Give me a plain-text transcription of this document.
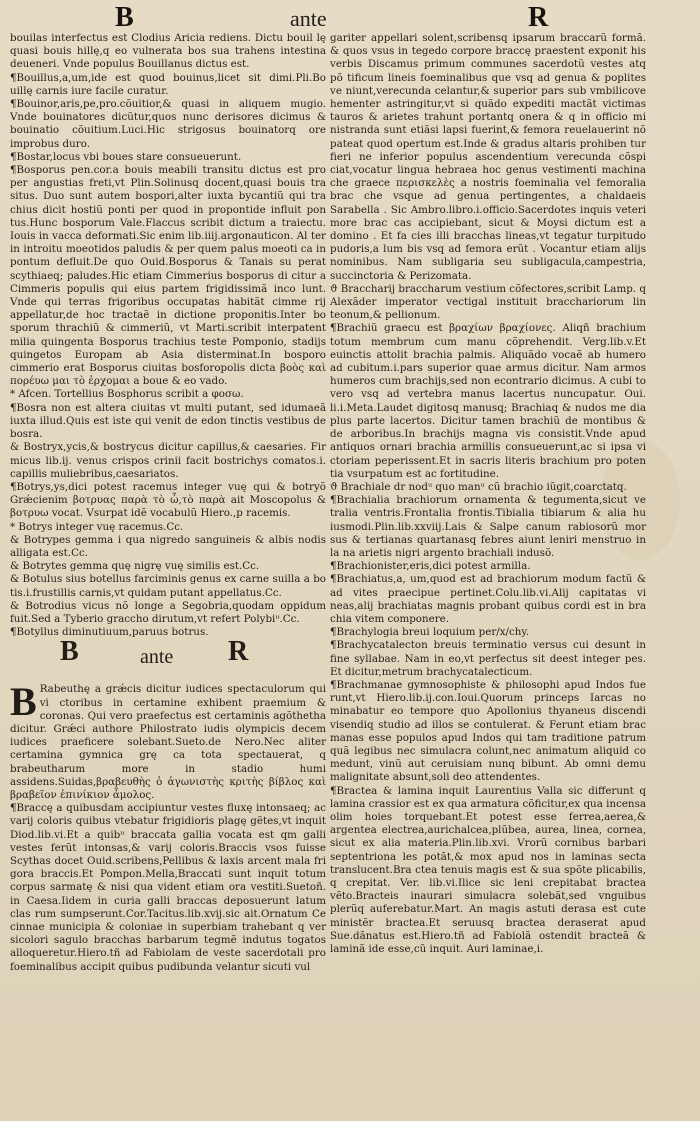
B	ante	R

bouilas interfectus est Clodius Aricia rediens. Dictu bouil lę quasi bouis hillę,q eo vulnerata bos sua trahens intestina deueneri. Vnde populus Bouillanus dictus est.

¶Bouillus,a,um,ide est quod bouinus,licet sit dimi.Pli.Bo uillę carnis iure facile curatur.

¶Bouinor,aris,pe,pro.cõuitior,& quasi in aliquem mugio. Vnde bouinatores dicũtur,quos nunc derisores dicimus & bouinatio cõuitium.Luci.Hic strigosus bouinatorq ore improbus duro.

¶Bostar,locus vbi boues stare consueuerunt.

¶Bosporus pen.cor.a bouis meabili transitu dictus est pro per angustias freti,vt Plin.Solinusq docent,quasi bouis tra situs. Duo sunt autem bospori,alter iuxta bycantiũ qui tra chius dicit hostiũ ponti per quod in propontide influit pon tus.Hunc bosporum Vale.Flaccus scribit dictum a traiectu. Iouis in vacca deformati.Sic enim lib.iiij.argonauticon. Al ter in introitu moeotidos paludis & per quem palus moeoti ca in pontum defluit.De quo Ouid.Bosporus & Tanais su perat scythiaeq; paludes.Hic etiam Cimmerius bosporus di citur a Cimmeris populis qui eius partem frigidissimã inco lunt. Vnde qui terras frigoribus occupatas habitãt cimme rij appellatur,de hoc tractaẽ in dictione proponitis.Inter bo sporum thrachiũ & cimmeriũ, vt Marti.scribit interpatent milia quingenta Bosporus trachius teste Pomponio, stadijs quingetos Europam ab Asia disterminat.In bosporo cimmerio erat Bosporus ciuitas bosforopolis dicta βοὸς καὶ πορέυω μαι τὸ ἐρχομαι a boue & eo vado.

* Afcen. Tortellius Bosphorus scribit a φοσω.

¶Bosra non est altera ciuitas vt multi putant, sed idumaeã iuxta illud.Quis est iste qui venit de edon tinctis vestibus de bosra.

& Bostryx,ycis,& bostrycus dicitur capillus,& caesaries. Fir micus lib.ij. venus crispos crinii facit bostrichys comatos.i. capillis muliebribus,caesariatos.

¶Botrys,ys,dici potest racemus integer vuę qui & botryõ Grǽcienim βοτρυας παρὰ τὸ ὦ,τὸ παρὰ ait Moscopolus & βοτρυω vocat. Vsurpat idẽ vocabulũ Hiero.,p racemis.

* Botrys integer vuę racemus.Cc.

& Botrypes gemma i qua nigredo sanguineis & albis nodis alligata est.Cc.

& Botrytes gemma quę nigrę vuę similis est.Cc.

& Botulus sius botellus farciminis genus ex carne suilla a bo tis.i.frustillis carnis,vt quidam putant appellatus.Cc.

& Botrodius vicus nõ longe a Segobria,quodam oppidum fuit.Sed a Tyberio graccho dirutum,vt refert Polybiᵘ.Cc.

¶Botyllus diminutiuum,paruus botrus.

B	ante R

B Rabeuthę a grǽcis dicitur iudices spectaculorum qui vi ctoribus in certamine exhibent praemium & coronas. Qui vero praefectus est certaminis agõthetha dicitur. Grǽci authore Philostrato iudis olympicis decem iudices praeficere solebant.Sueto.de Nero.Nec aliter certamina gymnica grę ca tota spectauerat, q brabeutharum more in stadio humi assidens.Suidas,βραβευθὴς ὁ ἀγωνιστὴς κριτὴς βίβλος καὶ βραβεῖον ἐπινίκιον ἆμολος.

¶Braccę a quibusdam accipiuntur vestes fluxę intonsaeq; ac varij coloris quibus vtebatur frigidioris plagę gẽtes,vt inquit Diod.lib.vi.Et a quibᵘ braccata gallia vocata est qm galli vestes ferũt intonsas,& varij coloris.Braccis vsos fuisse Scythas docet Ouid.scribens,Pellibus & laxis arcent mala fri gora braccis.Et Pompon.Mella,Braccati sunt inquit totum corpus sarmatę & nisi qua vident etiam ora vestiti.Suetoñ. in Caesa.Iidem in curia galli braccas deposuerunt latum clas rum sumpserunt.Cor.Tacitus.lib.xvij.sic ait.Ornatum Ce cinnae municipia & coloniae in superbiam trahebant q ver sicolori sagulo bracchas barbarum tegmẽ indutus togatos alloqueretur.Hiero.tñ ad Fabiolam de veste sacerdotali pro foeminalibus accipit quibus pudibunda velantur sicuti vul

gariter appellari solent,scribensq ipsarum braccarũ formã. & quos vsus in tegedo corpore braccę praestent exponit his verbis Discamus primum communes sacerdotũ vestes atq põ tificum lineis foeminalibus que vsq ad genua & poplites ve niunt,verecunda celantur,& superior pars sub vmbilicove hementer astringitur,vt si quãdo expediti mactãt victimas tauros & arietes trahunt portantq onera & q in officio mi nistranda sunt etiãsi lapsi fuerint,& femora reuelauerint nõ pateat quod opertum est.Inde & gradus altaris prohiben tur fieri ne inferior populus ascendentium verecunda cõspi ciat,vocatur lingua hebraea hoc genus vestimenti machina che graece περισκελὲς a nostris foeminalia vel femoralia brac che vsque ad genua pertingentes, a chaldaeis Sarabella . Sic Ambro.libro.i.officio.Sacerdotes inquis veteri more brac cas accipiebant, sicut & Moysi dictum est a domino . Et fa cies illi bracchas lineas,vt tegatur turpitudo pudoris,a lum bis vsq ad femora erũt . Vocantur etiam alijs nominibus. Nam subligaria seu subligacula,campestria, succinctoria & Perizomata.

ϑ Braccharij braccharum vestium cõfectores,scribit Lamp. q Alexãder imperator vectigal instituit bracchariorum lin teonum,& pellionum.

¶Brachiũ graecu est βραχίων βραχίονες. Aliqñ brachium totum membrum cum manu cõprehendit. Verg.lib.v.Et euinctis attolit brachia palmis. Aliquãdo vocaẽ ab humero ad cubitum.i.pars superior quae armus dicitur. Nam armos humeros cum brachijs,sed non econtrario dicimus. A cubi to vero vsq ad vertebra manus lacertus nuncupatur. Oui. li.i.Meta.Laudet digitosq manusq; Brachiaq & nudos me dia plus parte lacertos. Dicitur tamen brachiũ de montibus & de arboribus.In brachijs magna vis consistit.Vnde apud antiquos ornari brachia armillis consueuerunt,ac si ipsa vi ctoriam peperissent.Et in sacris literis brachium pro poten tia vsurpatum est ac fortitudine.

ϑ Brachiale dr nodᵘ quo manᵘ cũ brachio iũgit,coarctatq.

¶Brachialia brachiorum ornamenta & tegumenta,sicut ve tralia ventris.Frontalia frontis.Tibialia tibiarum & alia hu iusmodi.Plin.lib.xxviij.Lais & Salpe canum rabiosorũ mor sus & tertianas quartanasq febres aiunt leniri menstruo in la na arietis nigri argento brachiali indusõ.

¶Brachionister,eris,dici potest armilla.

¶Brachiatus,a, um,quod est ad brachiorum modum factũ & ad vites praecipue pertinet.Colu.lib.vi.Alij capitatas vi neas,alij brachiatas magnis probant quibus cordi est in bra chia vitem componere.

¶Brachylogia breui loquium per/x/chy.

¶Brachycatalecton breuis terminatio versus cui desunt in fine syllabae. Nam in eo,vt perfectus sit deest integer pes. Et dicitur,metrum brachycatalecticum.

¶Brachmanae gymnosophiste & philosophi apud Indos fue runt,vt Hiero.lib.ij.con.Ioui.Quorum princeps Iarcas no minabatur eo tempore quo Apollonius thyaneus discendi visendiq studio ad illos se contulerat. & Ferunt etiam brac manas esse populos apud Indos qui tam traditione patrum quã legibus nec simulacra colunt,nec animatum aliquid co medunt, vinũ aut ceruisiam nunq bibunt. Ab omni demu malignitate absunt,soli deo attendentes.

¶Bractea & lamina inquit Laurentius Valla sic differunt q lamina crassior est ex qua armatura cõficitur,ex qua incensa olim hoies torquebant.Et potest esse ferrea,aerea,& argentea electrea,aurichalcea,plũbea, aurea, linea, cornea, sicut ex alia materia.Plin.lib.xvi. Vrorũ cornibus barbari septentriona les potãt,& mox apud nos in laminas secta translucent.Bra ctea tenuis magis est & sua spõte plicabilis, q crepitat. Ver. lib.vi.Ilice sic leni crepitabat bractea vẽto.Bracteis inaurari simulacra solebãt,sed vnguibus plerũq auferebatur.Mart. An magis astuti derasa est cute ministẽr bractea.Et seruusq bractea deraserat apud Sue.dãnatus est.Hiero.tñ ad Fabiolã ostendit bracteã & laminã ide esse,cũ inquit. Auri laminae,i.
